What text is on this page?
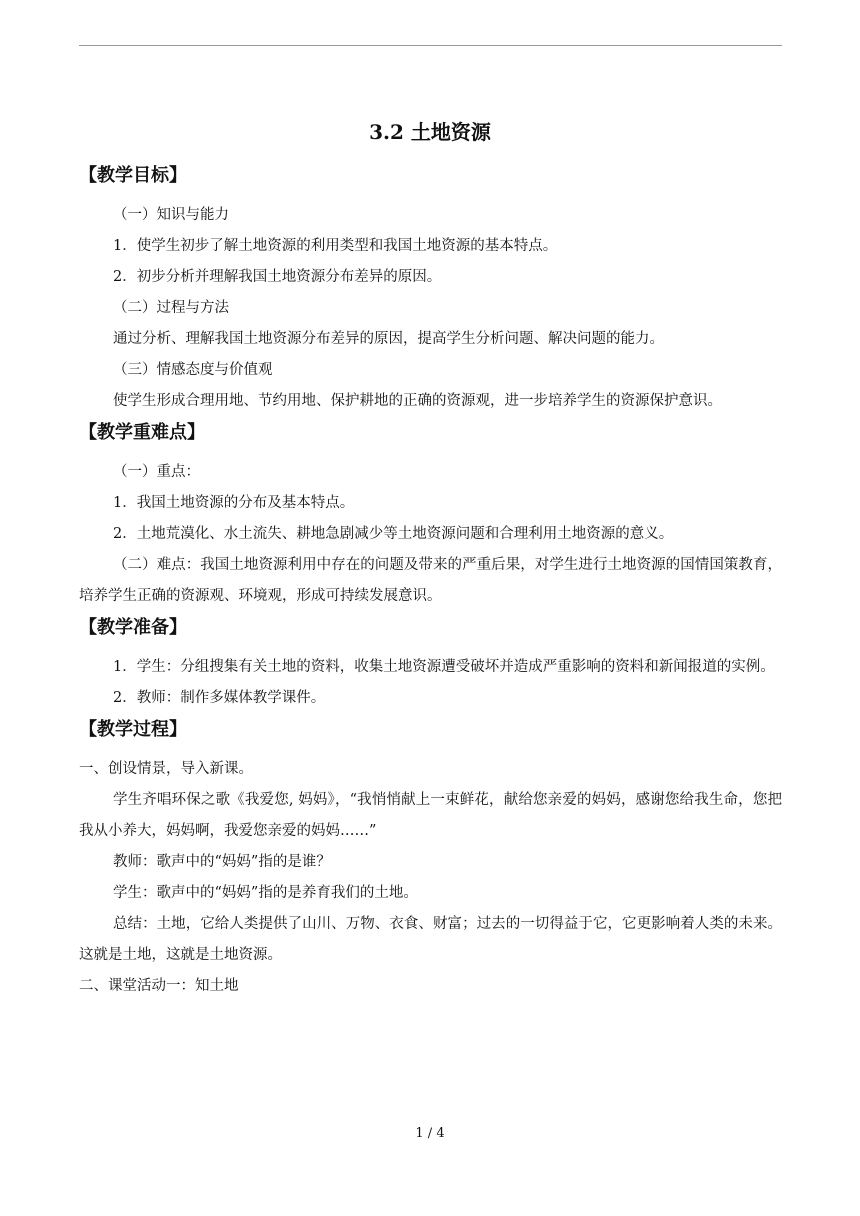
3.2 土地资源
【教学目标】
（一）知识与能力
1．使学生初步了解土地资源的利用类型和我国土地资源的基本特点。
2．初步分析并理解我国土地资源分布差异的原因。
（二）过程与方法
通过分析、理解我国土地资源分布差异的原因，提高学生分析问题、解决问题的能力。
（三）情感态度与价值观
使学生形成合理用地、节约用地、保护耕地的正确的资源观，进一步培养学生的资源保护意识。
【教学重难点】
（一）重点：
1．我国土地资源的分布及基本特点。
2．土地荒漠化、水土流失、耕地急剧减少等土地资源问题和合理利用土地资源的意义。
（二）难点：我国土地资源利用中存在的问题及带来的严重后果，对学生进行土地资源的国情国策教育，培养学生正确的资源观、环境观，形成可持续发展意识。
【教学准备】
1．学生：分组搜集有关土地的资料，收集土地资源遭受破坏并造成严重影响的资料和新闻报道的实例。
2．教师：制作多媒体教学课件。
【教学过程】
一、创设情景，导入新课。
学生齐唱环保之歌《我爱您, 妈妈》，“我悄悄献上一束鲜花，献给您亲爱的妈妈，感谢您给我生命，您把我从小养大，妈妈啊，我爱您亲爱的妈妈……”
教师：歌声中的“妈妈”指的是谁？
学生：歌声中的“妈妈”指的是养育我们的土地。
总结：土地，它给人类提供了山川、万物、衣食、财富；过去的一切得益于它，它更影响着人类的未来。这就是土地，这就是土地资源。
二、课堂活动一：知土地
1 / 4
